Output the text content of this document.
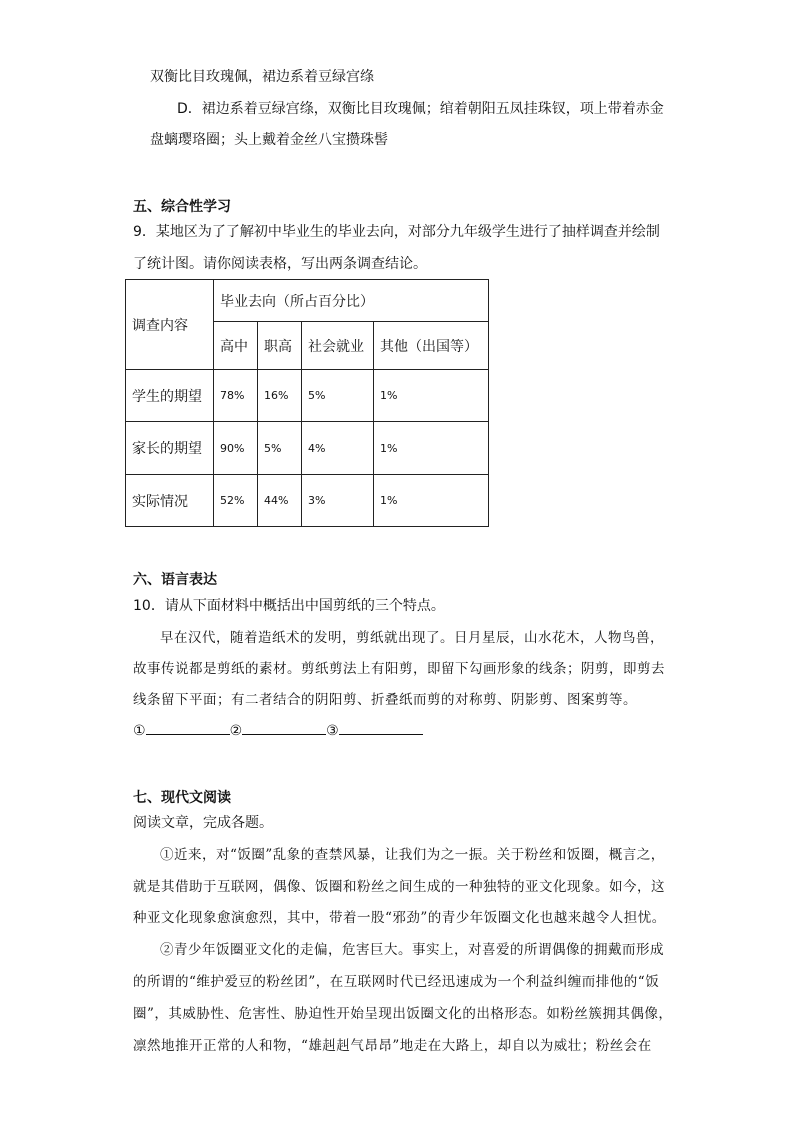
双衡比目玫瑰佩，裙边系着豆绿宫绦
D．裙边系着豆绿宫绦，双衡比目玫瑰佩；绾着朝阳五凤挂珠钗，项上带着赤金
盘螭璎珞圈；头上戴着金丝八宝攒珠髻
五、综合性学习
9．某地区为了了解初中毕业生的毕业去向，对部分九年级学生进行了抽样调查并绘制
了统计图。请你阅读表格，写出两条调查结论。
调查内容	毕业去向（所占百分比）			
	高中	职高	社会就业	其他（出国等）
学生的期望	78%	16%	5%	1%
家长的期望	90%	5%	4%	1%
实际情况	52%	44%	3%	1%
六、语言表达
10．请从下面材料中概括出中国剪纸的三个特点。
早在汉代，随着造纸术的发明，剪纸就出现了。日月星辰，山水花木，人物鸟兽，
故事传说都是剪纸的素材。剪纸剪法上有阳剪，即留下勾画形象的线条；阴剪，即剪去
线条留下平面；有二者结合的阴阳剪、折叠纸而剪的对称剪、阴影剪、图案剪等。
①	②	③
七、现代文阅读
阅读文章，完成各题。
①近来，对“饭圈”乱象的查禁风暴，让我们为之一振。关于粉丝和饭圈，概言之，
就是其借助于互联网，偶像、饭圈和粉丝之间生成的一种独特的亚文化现象。如今，这
种亚文化现象愈演愈烈，其中，带着一股“邪劲”的青少年饭圈文化也越来越令人担忧。
②青少年饭圈亚文化的走偏，危害巨大。事实上，对喜爱的所谓偶像的拥戴而形成
的所谓的“维护爱豆的粉丝团”，在互联网时代已经迅速成为一个利益纠缠而排他的“饭
圈”，其威胁性、危害性、胁迫性开始呈现出饭圈文化的出格形态。如粉丝簇拥其偶像，
凛然地推开正常的人和物，“雄赳赳气昂昂”地走在大路上，却自以为威壮；粉丝会在
